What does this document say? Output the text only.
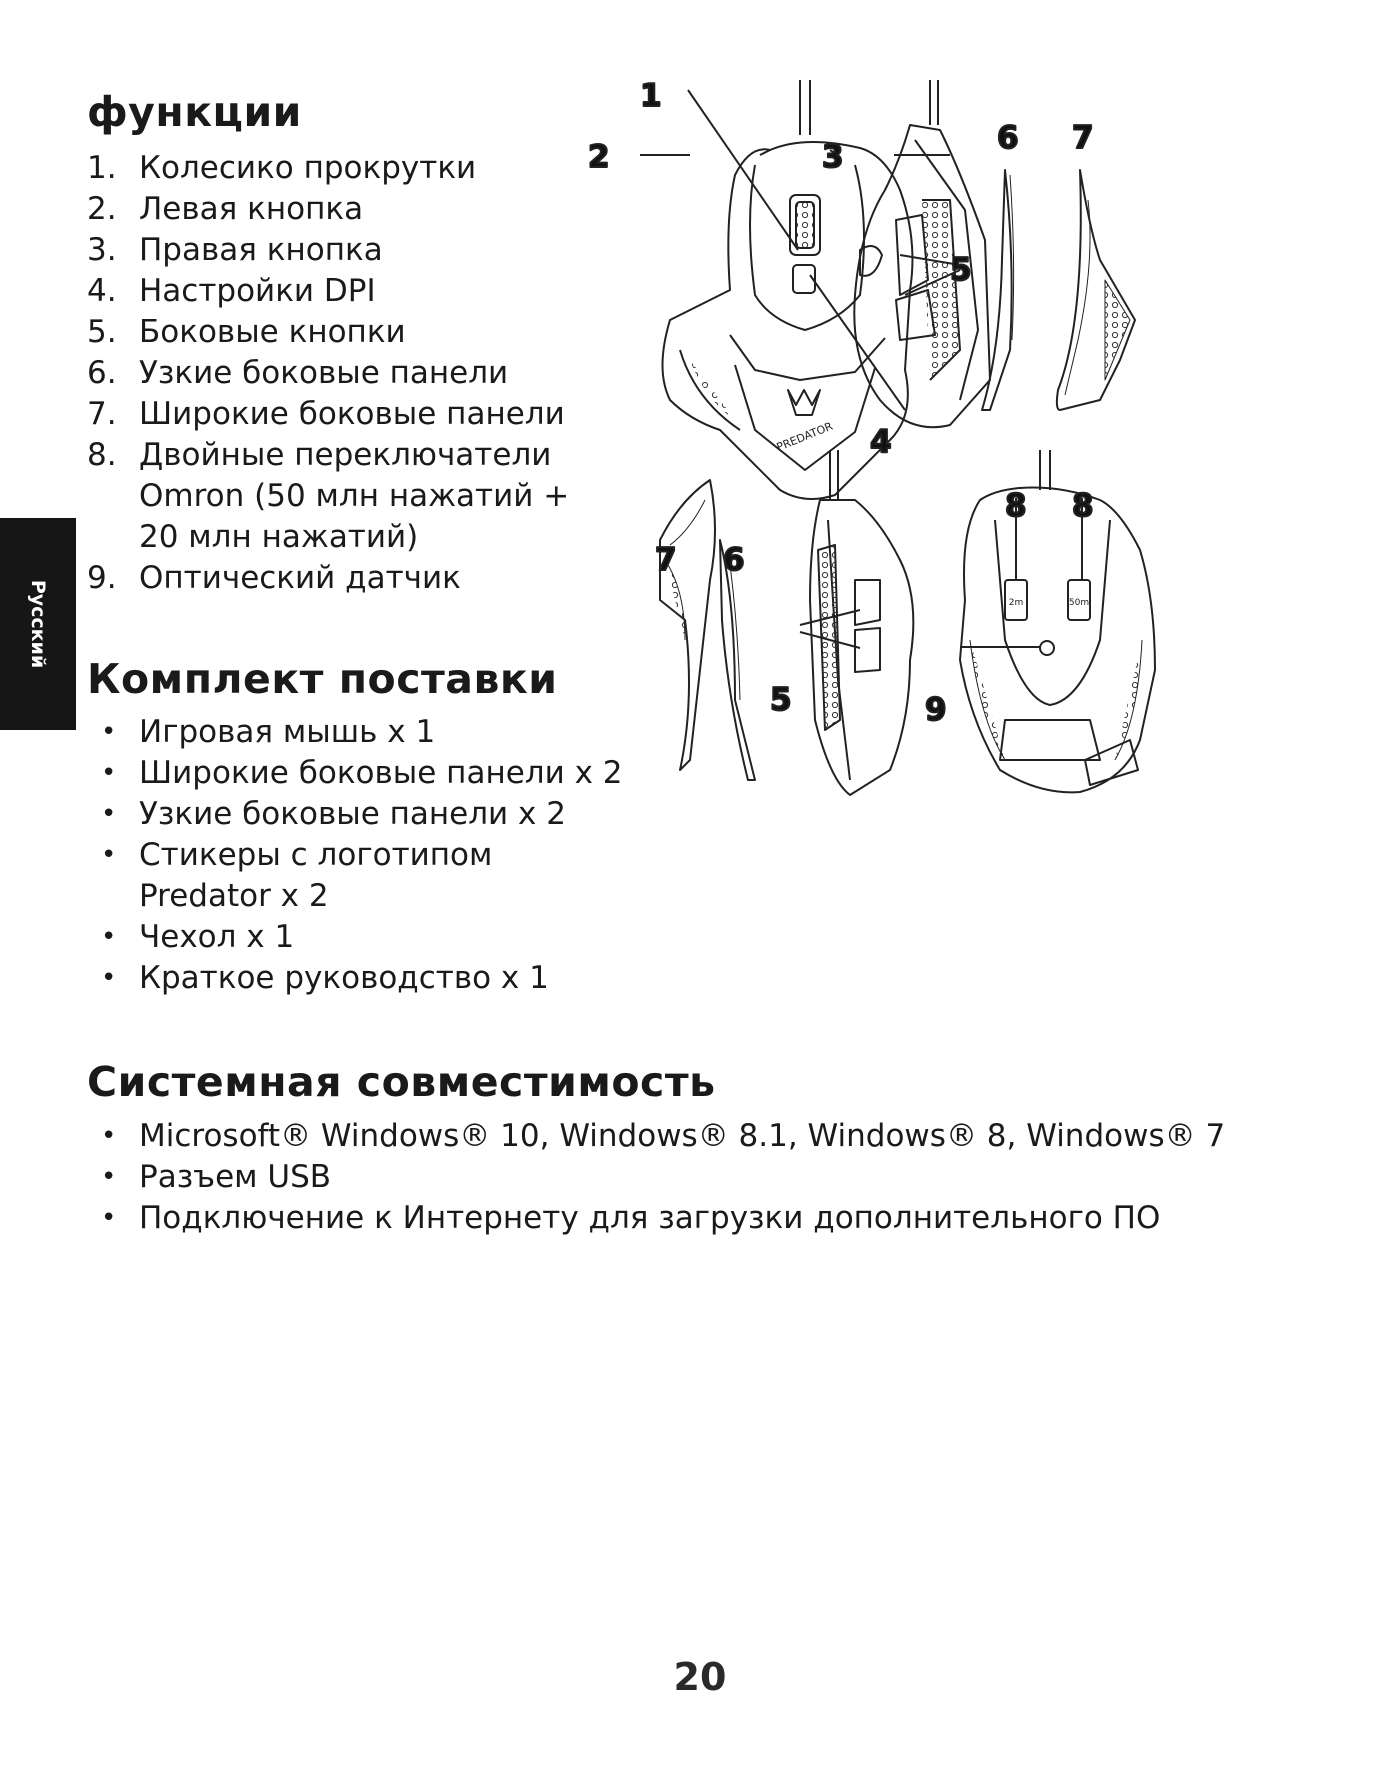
Русский
функции
1. Колесико прокрутки
2. Левая кнопка
3. Правая кнопка
4. Настройки DPI
5. Боковые кнопки
6. Узкие боковые панели
7. Широкие боковые панели
8. Двойные переключатели
Omron (50 млн нажатий +
20 млн нажатий)
9. Оптический датчик
Комплект поставки
• Игровая мышь x 1
• Широкие боковые панели x 2
• Узкие боковые панели x 2
• Стикеры с логотипом
Predator x 2
• Чехол x 1
• Краткое руководство x 1
Системная совместимость
• Microsoft® Windows® 10, Windows® 8.1, Windows® 8, Windows® 7
• Разъем USB
• Подключение к Интернету для загрузки дополнительного ПО
PREDATOR
2m	50m
1
2	3
4
5
6 7
7 6
5
8 8
9
20
